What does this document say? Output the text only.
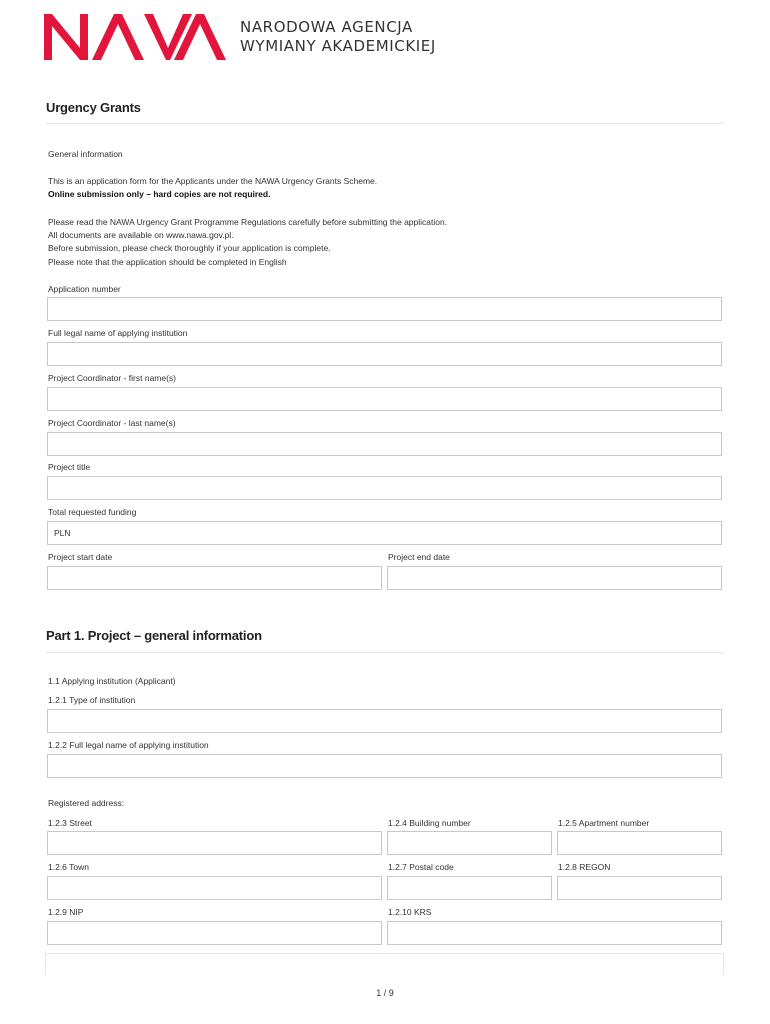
NARODOWA AGENCJA
WYMIANY AKADEMICKIEJ
Urgency Grants
General information
This is an application form for the Applicants under the NAWA Urgency Grants Scheme.
Online submission only – hard copies are not required.
Please read the NAWA Urgency Grant Programme Regulations carefully before submitting the application.
All documents are available on www.nawa.gov.pl.
Before submission, please check thoroughly if your application is complete.
Please note that the application should be completed in English
Application number
Full legal name of applying institution
Project Coordinator - first name(s)
Project Coordinator - last name(s)
Project title
Total requested funding
PLN
Project start date	Project end date
Part 1. Project – general information
1.1 Applying institution (Applicant)
1.2.1 Type of institution
1.2.2 Full legal name of applying institution
Registered address:
1.2.3 Street	1.2.4 Building number	1.2.5 Apartment number
1.2.6 Town	1.2.7 Postal code	1.2.8 REGON
1.2.9 NIP	1.2.10 KRS
1 / 9
